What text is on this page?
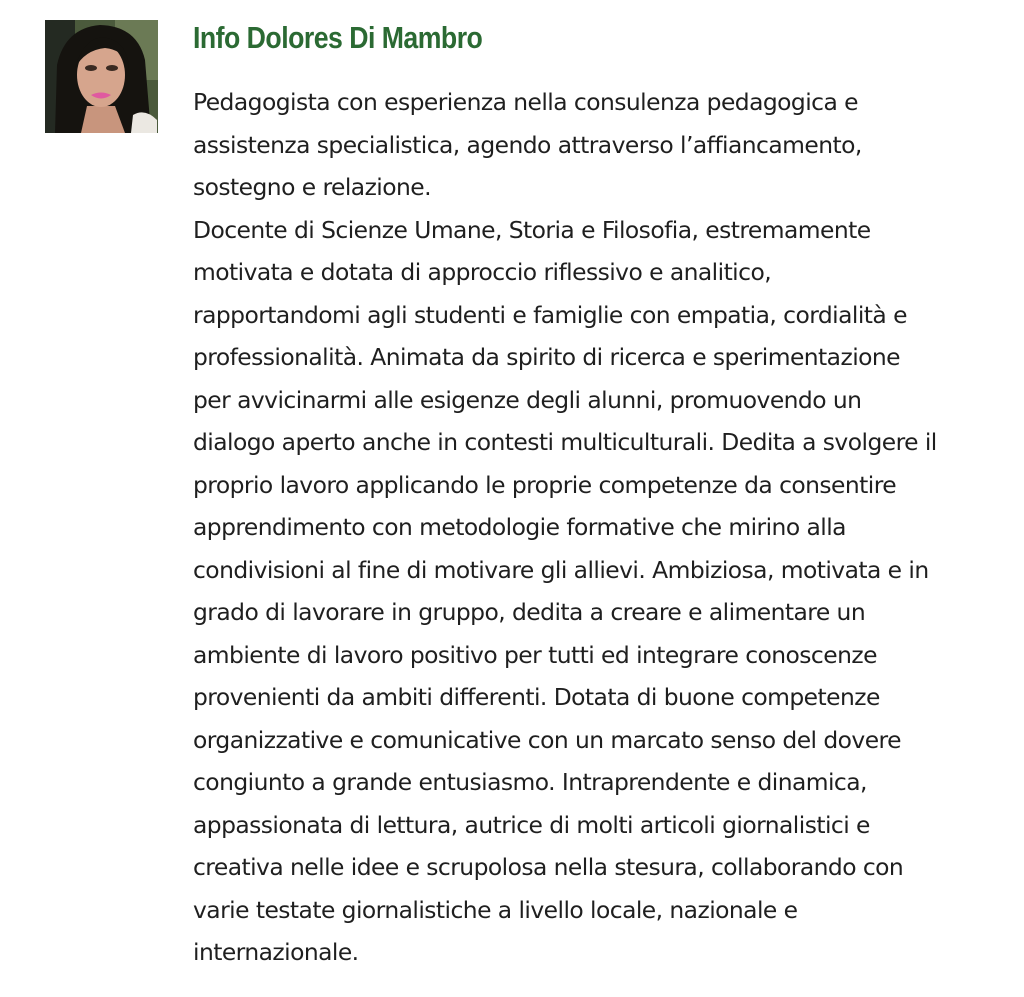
Info Dolores Di Mambro

Pedagogista con esperienza nella consulenza pedagogica e
assistenza specialistica, agendo attraverso l’affiancamento,
sostegno e relazione.
Docente di Scienze Umane, Storia e Filosofia, estremamente
motivata e dotata di approccio riflessivo e analitico,
rapportandomi agli studenti e famiglie con empatia, cordialità e
professionalità. Animata da spirito di ricerca e sperimentazione
per avvicinarmi alle esigenze degli alunni, promuovendo un
dialogo aperto anche in contesti multiculturali. Dedita a svolgere il
proprio lavoro applicando le proprie competenze da consentire
apprendimento con metodologie formative che mirino alla
condivisioni al fine di motivare gli allievi. Ambiziosa, motivata e in
grado di lavorare in gruppo, dedita a creare e alimentare un
ambiente di lavoro positivo per tutti ed integrare conoscenze
provenienti da ambiti differenti. Dotata di buone competenze
organizzative e comunicative con un marcato senso del dovere
congiunto a grande entusiasmo. Intraprendente e dinamica,
appassionata di lettura, autrice di molti articoli giornalistici e
creativa nelle idee e scrupolosa nella stesura, collaborando con
varie testate giornalistiche a livello locale, nazionale e
internazionale.
